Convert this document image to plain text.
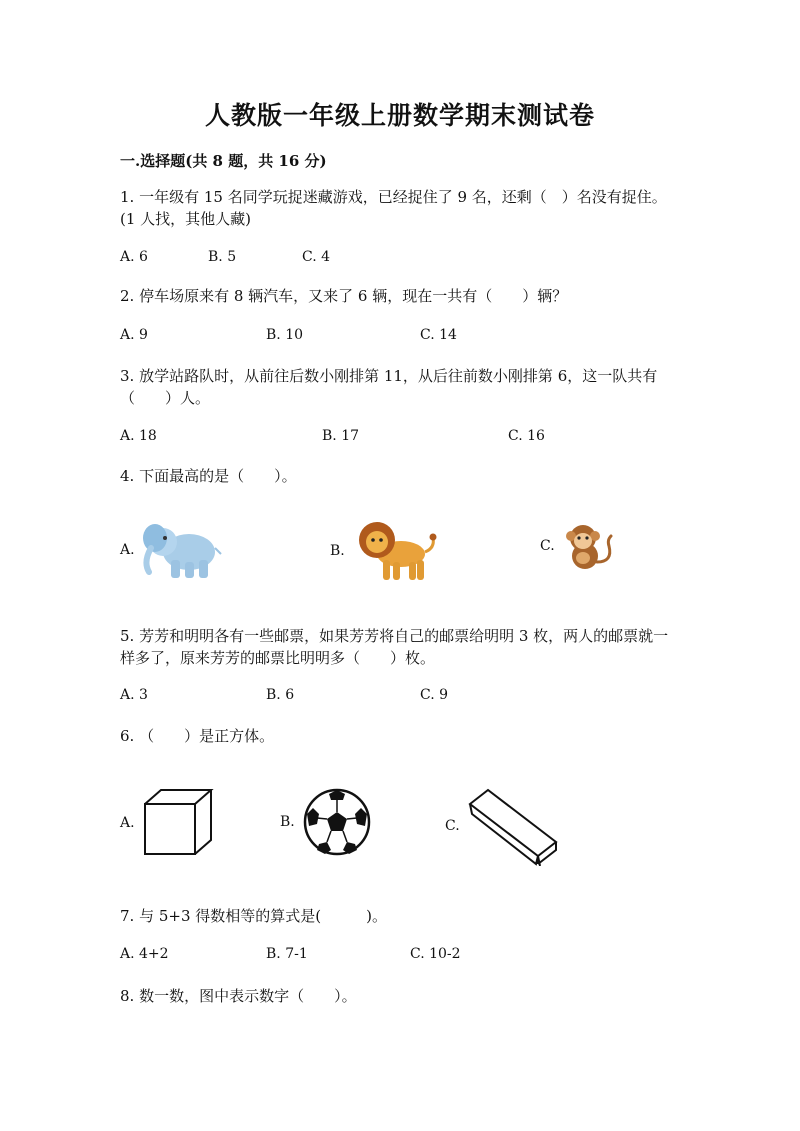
人教版一年级上册数学期末测试卷
一.选择题(共 8 题，共 16 分)

1. 一年级有 15 名同学玩捉迷藏游戏，已经捉住了 9 名，还剩（　）名没有捉住。(1 人找，其他人藏)

A. 6	B. 5	C. 4

2. 停车场原来有 8 辆汽车，又来了 6 辆，现在一共有（　　）辆？

A. 9	B. 10	C. 14

3. 放学站路队时，从前往后数小刚排第 11，从后往前数小刚排第 6，这一队共有（　　）人。

A. 18	B. 17	C. 16

4. 下面最高的是（　　）。

A.	B.	C.

5. 芳芳和明明各有一些邮票，如果芳芳将自己的邮票给明明 3 枚，两人的邮票就一样多了，原来芳芳的邮票比明明多（　　）枚。

A. 3	B. 6	C. 9

6. （　　）是正方体。

A.	B.	C.

7. 与 5+3 得数相等的算式是(　　　)。

A. 4+2	B. 7-1	C. 10-2

8. 数一数，图中表示数字（　　）。
